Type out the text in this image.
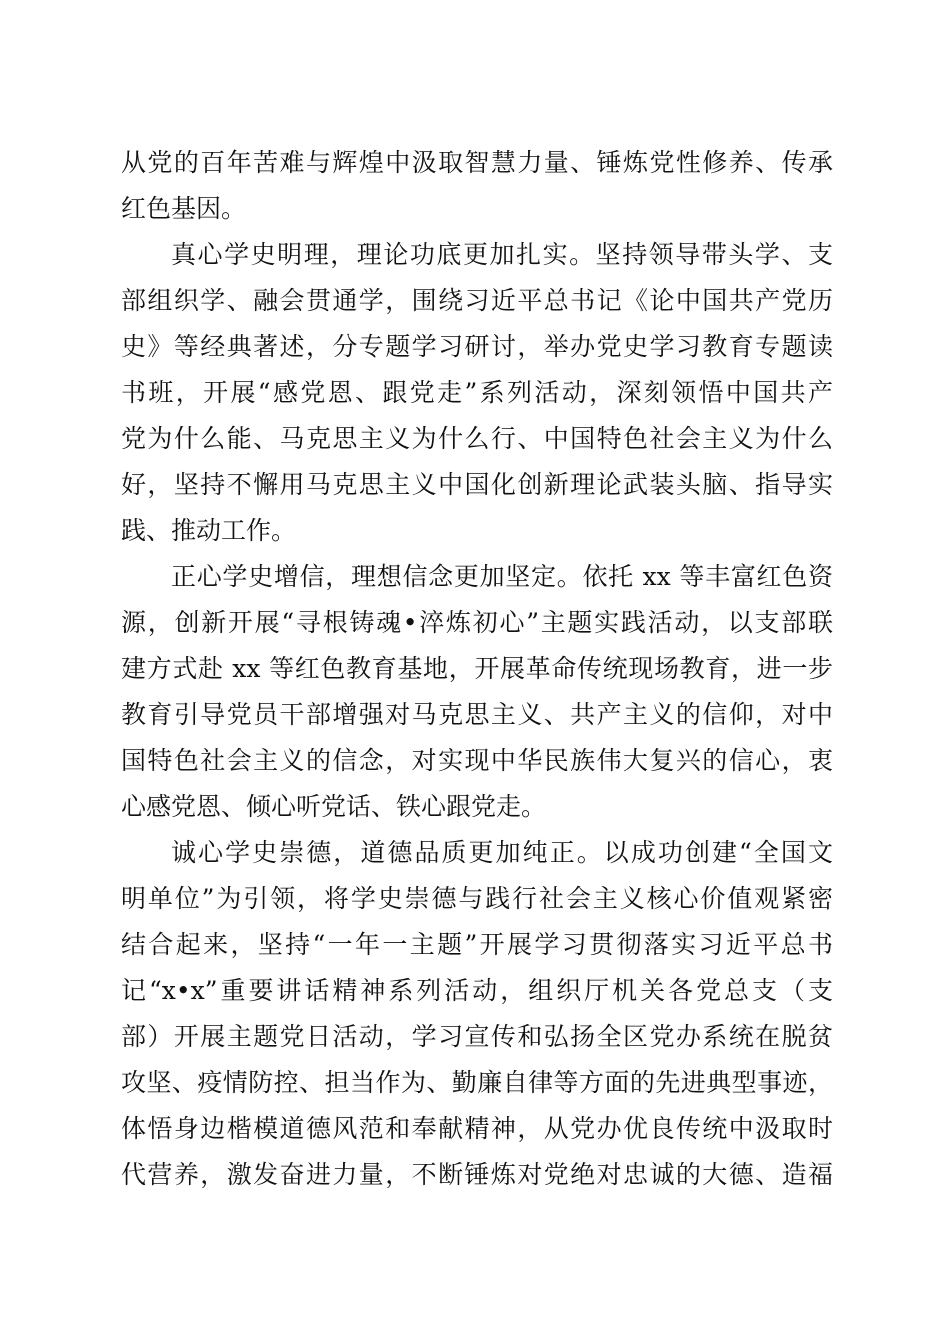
从党的百年苦难与辉煌中汲取智慧力量、锤炼党性修养、传承
红色基因。
真心学史明理，理论功底更加扎实。坚持领导带头学、支
部组织学、融会贯通学，围绕习近平总书记《论中国共产党历
史》等经典著述，分专题学习研讨，举办党史学习教育专题读
书班，开展“感党恩、跟党走”系列活动，深刻领悟中国共产
党为什么能、马克思主义为什么行、中国特色社会主义为什么
好，坚持不懈用马克思主义中国化创新理论武装头脑、指导实
践、推动工作。
正心学史增信，理想信念更加坚定。依托 xx 等丰富红色资
源，创新开展“寻根铸魂•淬炼初心”主题实践活动，以支部联
建方式赴 xx 等红色教育基地，开展革命传统现场教育，进一步
教育引导党员干部增强对马克思主义、共产主义的信仰，对中
国特色社会主义的信念，对实现中华民族伟大复兴的信心，衷
心感党恩、倾心听党话、铁心跟党走。
诚心学史崇德，道德品质更加纯正。以成功创建“全国文
明单位”为引领，将学史崇德与践行社会主义核心价值观紧密
结合起来，坚持“一年一主题”开展学习贯彻落实习近平总书
记“x•x”重要讲话精神系列活动，组织厅机关各党总支（支
部）开展主题党日活动，学习宣传和弘扬全区党办系统在脱贫
攻坚、疫情防控、担当作为、勤廉自律等方面的先进典型事迹，
体悟身边楷模道德风范和奉献精神，从党办优良传统中汲取时
代营养，激发奋进力量，不断锤炼对党绝对忠诚的大德、造福
